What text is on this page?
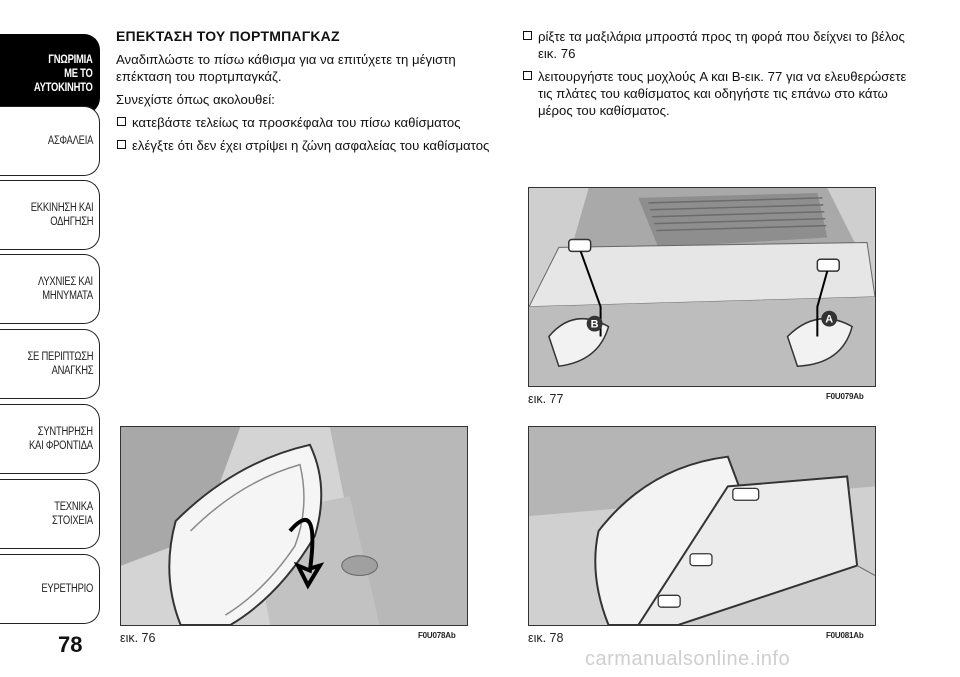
ΓΝΩΡΙΜΙΑ
ΜΕ ΤΟ
ΑΥΤΟΚΙΝΗΤΟ
ΑΣΦΑΛΕΙΑ
ΕΚΚΙΝΗΣΗ ΚΑΙ
ΟΔΗΓΗΣΗ
ΛΥΧΝΙΕΣ ΚΑΙ
ΜΗΝΥΜΑΤΑ
ΣΕ ΠΕΡΙΠΤΩΣΗ
ΑΝΑΓΚΗΣ
ΣΥΝΤΗΡΗΣΗ
ΚΑΙ ΦΡΟΝΤΙΔΑ
ΤΕΧΝΙΚΑ
ΣΤΟΙΧΕΙΑ
ΕΥΡΕΤΗΡΙΟ
78
ΕΠΕΚΤΑΣΗ ΤΟΥ ΠΟΡΤΜΠΑΓΚΑΖ

Αναδιπλώστε το πίσω κάθισμα για να επιτύχετε τη μέγιστη επέκταση του πορτμπαγκάζ.

Συνεχίστε όπως ακολουθεί:

κατεβάστε τελείως τα προσκέφαλα του πίσω καθίσματος
ελέγξτε ότι δεν έχει στρίψει η ζώνη ασφαλείας του καθίσματος
ρίξτε τα μαξιλάρια μπροστά προς τη φορά που δείχνει το βέλος εικ. 76
λειτουργήστε τους μοχλούς A και B-εικ. 77 για να ελευθερώσετε τις πλάτες του καθίσματος και οδηγήστε τις επάνω στο κάτω μέρος του καθίσματος.
B	A
εικ. 77	F0U079Ab
εικ. 76	F0U078Ab	εικ. 78	F0U081Ab
carmanualsonline.info
